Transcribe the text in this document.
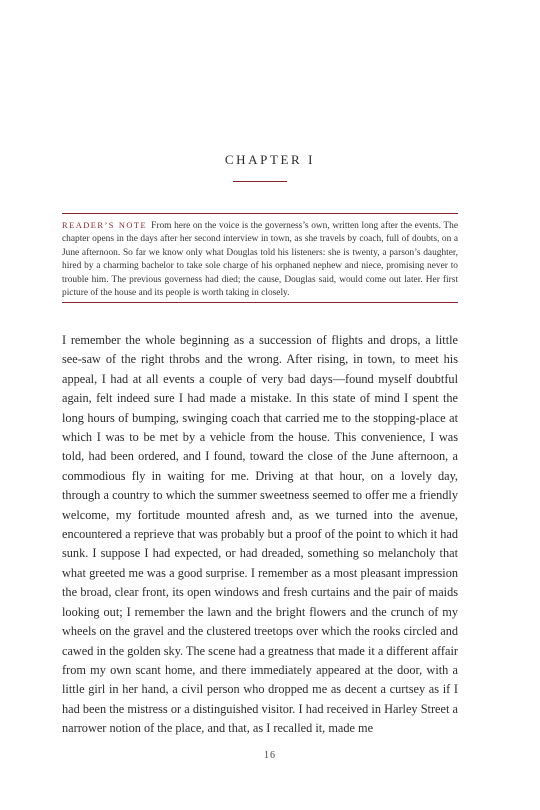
CHAPTER I
READER’S NOTE From here on the voice is the governess’s own, written long after the events. The chapter opens in the days after her second interview in town, as she travels by coach, full of doubts, on a June afternoon. So far we know only what Douglas told his listeners: she is twenty, a parson’s daughter, hired by a charming bachelor to take sole charge of his orphaned nephew and niece, promising never to trouble him. The previous governess had died; the cause, Douglas said, would come out later. Her first picture of the house and its people is worth taking in closely.

I remember the whole beginning as a succession of flights and drops, a little see-saw of the right throbs and the wrong. After rising, in town, to meet his appeal, I had at all events a couple of very bad days—found myself doubtful again, felt indeed sure I had made a mistake. In this state of mind I spent the long hours of bumping, swinging coach that carried me to the stopping-place at which I was to be met by a vehicle from the house. This convenience, I was told, had been ordered, and I found, toward the close of the June afternoon, a commodious fly in waiting for me. Driving at that hour, on a lovely day, through a country to which the summer sweetness seemed to offer me a friendly welcome, my fortitude mounted afresh and, as we turned into the avenue, encountered a reprieve that was probably but a proof of the point to which it had sunk. I suppose I had expected, or had dreaded, something so melancholy that what greeted me was a good surprise. I remember as a most pleasant impression the broad, clear front, its open windows and fresh curtains and the pair of maids looking out; I remember the lawn and the bright flowers and the crunch of my wheels on the gravel and the clustered treetops over which the rooks circled and cawed in the golden sky. The scene had a greatness that made it a different affair from my own scant home, and there immediately appeared at the door, with a little girl in her hand, a civil person who dropped me as decent a curtsey as if I had been the mistress or a distinguished visitor. I had received in Harley Street a narrower notion of the place, and that, as I recalled it, made me

16
